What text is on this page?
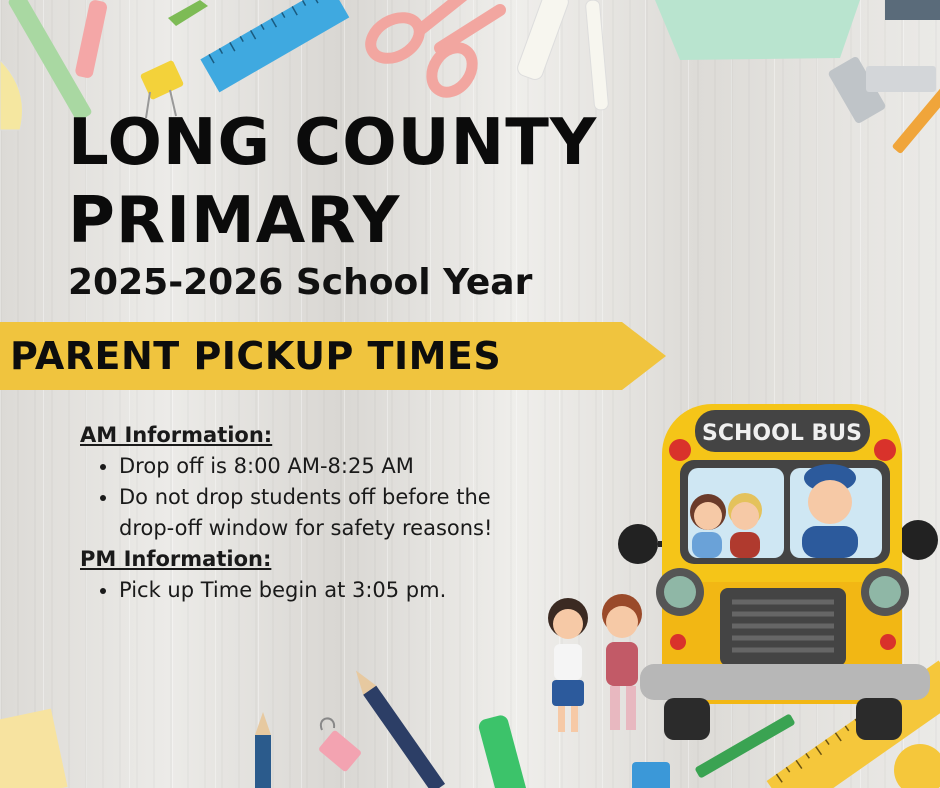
LONG COUNTY
PRIMARY
2025-2026 School Year

PARENT PICKUP TIMES

AM Information:

• Drop off is 8:00 AM-8:25 AM
• Do not drop students off before the drop-off window for safety reasons!

PM Information:

• Pick up Time begin at 3:05 pm.
SCHOOL BUS
